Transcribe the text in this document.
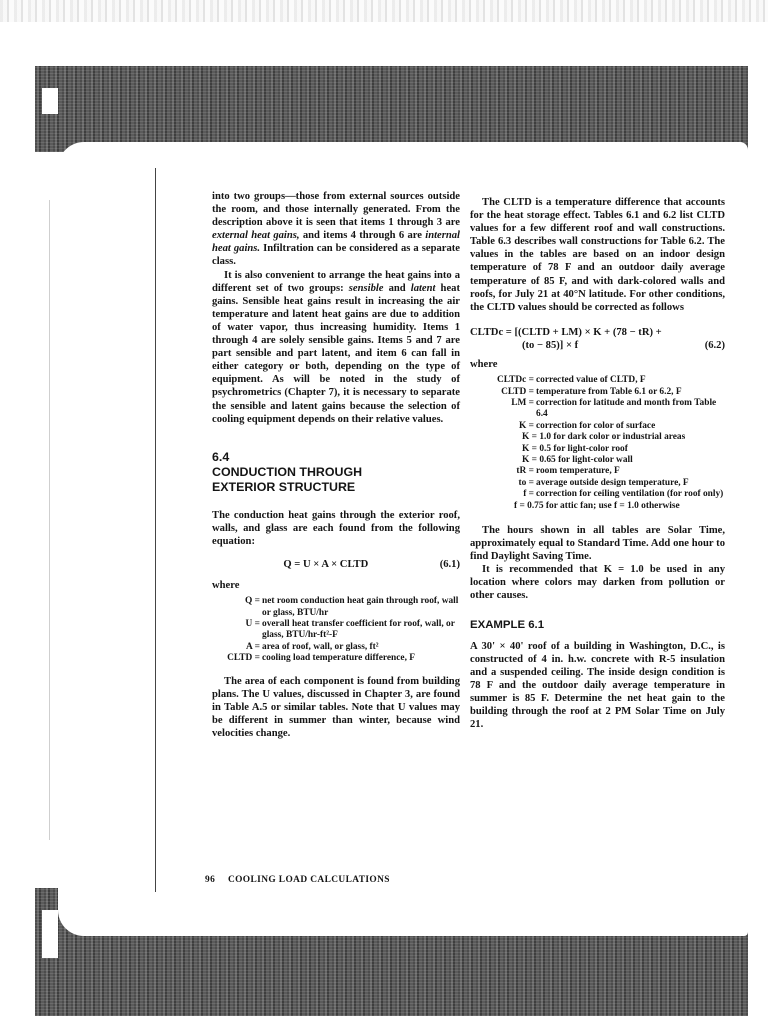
into two groups—those from external sources outside the room, and those internally generated. From the description above it is seen that items 1 through 3 are external heat gains, and items 4 through 6 are internal heat gains. Infiltration can be considered as a separate class.

It is also convenient to arrange the heat gains into a different set of two groups: sensible and latent heat gains. Sensible heat gains result in increasing the air temperature and latent heat gains are due to addition of water vapor, thus increasing humidity. Items 1 through 4 are solely sensible gains. Items 5 and 7 are part sensible and part latent, and item 6 can fall in either category or both, depending on the type of equipment. As will be noted in the study of psychrometrics (Chapter 7), it is necessary to separate the sensible and latent gains because the selection of cooling equipment depends on their relative values.

6.4
CONDUCTION THROUGH
EXTERIOR STRUCTURE

The conduction heat gains through the exterior roof, walls, and glass are each found from the following equation:

Q = U × A × CLTD	(6.1)
where
Q = net room conduction heat gain through roof, wall or glass, BTU/hr
U = overall heat transfer coefficient for roof, wall, or glass, BTU/hr-ft²-F
A = area of roof, wall, or glass, ft²
CLTD = cooling load temperature difference, F

The area of each component is found from building plans. The U values, discussed in Chapter 3, are found in Table A.5 or similar tables. Note that U values may be different in summer than winter, because wind velocities change.

The CLTD is a temperature difference that accounts for the heat storage effect. Tables 6.1 and 6.2 list CLTD values for a few different roof and wall constructions. Table 6.3 describes wall constructions for Table 6.2. The values in the tables are based on an indoor design temperature of 78 F and an outdoor daily average temperature of 85 F, and with dark-colored walls and roofs, for July 21 at 40°N latitude. For other conditions, the CLTD values should be corrected as follows

CLTDc = [(CLTD + LM) × K + (78 − tR) +
(to − 85)] × f	(6.2)
where
CLTDc = corrected value of CLTD, F
CLTD = temperature from Table 6.1 or 6.2, F
LM = correction for latitude and month from Table 6.4
K = correction for color of surface
K = 1.0 for dark color or industrial areas
K = 0.5 for light-color roof
K = 0.65 for light-color wall
tR = room temperature, F
to = average outside design temperature, F
f = correction for ceiling ventilation (for roof only)
f = 0.75 for attic fan; use f = 1.0 otherwise

The hours shown in all tables are Solar Time, approximately equal to Standard Time. Add one hour to find Daylight Saving Time.

It is recommended that K = 1.0 be used in any location where colors may darken from pollution or other causes.

EXAMPLE 6.1

A 30' × 40' roof of a building in Washington, D.C., is constructed of 4 in. h.w. concrete with R-5 insulation and a suspended ceiling. The inside design condition is 78 F and the outdoor daily average temperature in summer is 85 F. Determine the net heat gain to the building through the roof at 2 PM Solar Time on July 21.

96 COOLING LOAD CALCULATIONS
